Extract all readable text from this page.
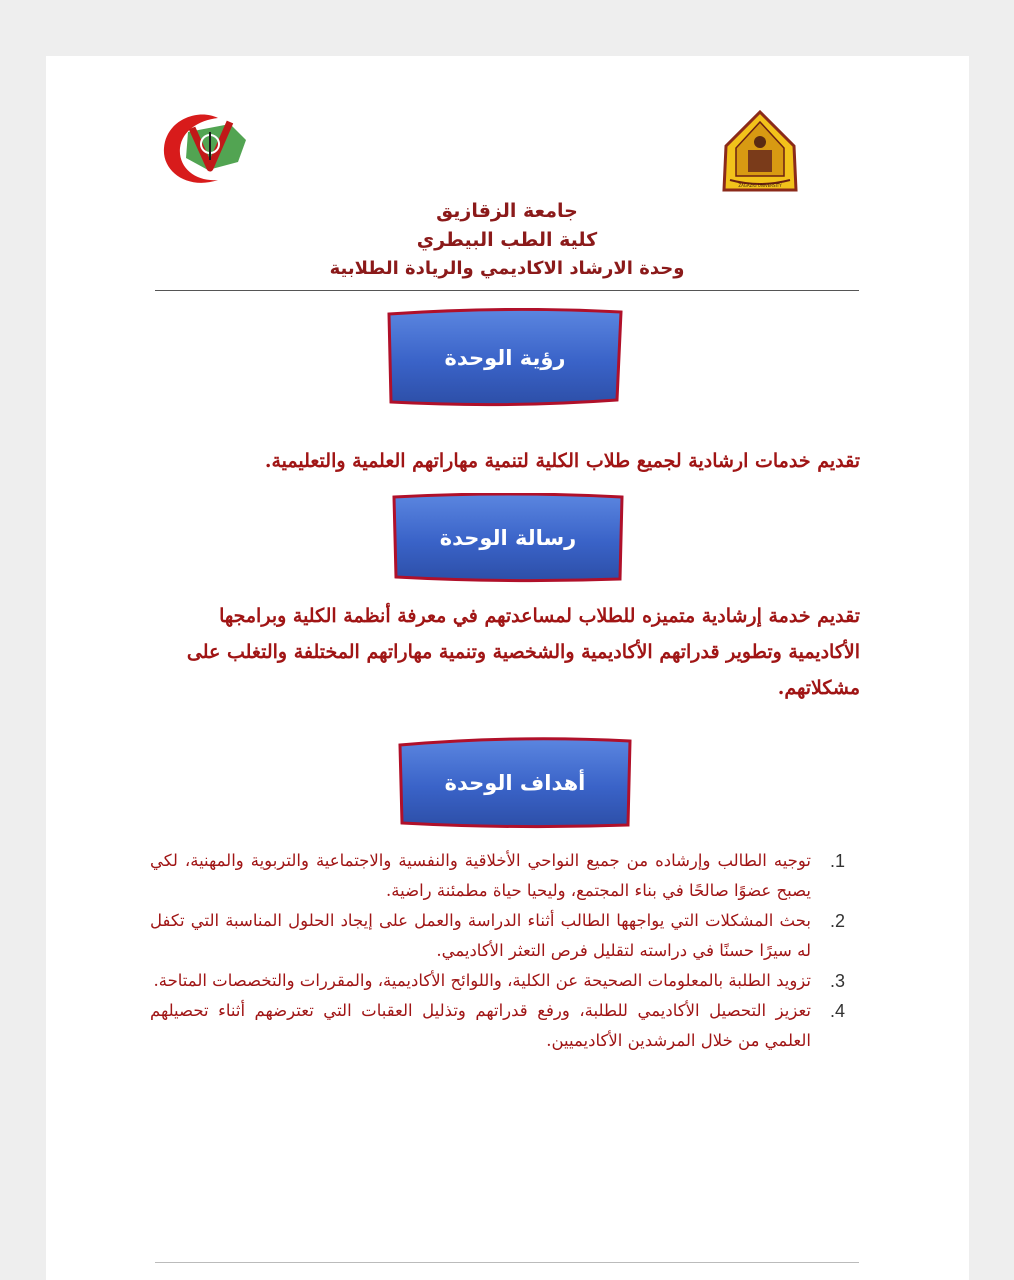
ZAGAZIG UNIVERSITY
جامعة الزقازيق
كلية الطب البيطري
وحدة الارشاد الاكاديمي والريادة الطلابية
رؤية الوحدة
تقديم خدمات ارشادية لجميع طلاب الكلية لتنمية مهاراتهم العلمية والتعليمية.
رسالة الوحدة
تقديم خدمة إرشادية متميزه للطلاب لمساعدتهم في معرفة أنظمة الكلية وبرامجها الأكاديمية وتطوير قدراتهم الأكاديمية والشخصية وتنمية مهاراتهم المختلفة والتغلب على مشكلاتهم.
أهداف الوحدة
1.
توجيه الطالب وإرشاده من جميع النواحي الأخلاقية والنفسية والاجتماعية والتربوية والمهنية، لكي يصبح عضوًا صالحًا في بناء المجتمع، وليحيا حياة مطمئنة راضية.
2.
بحث المشكلات التي يواجهها الطالب أثناء الدراسة والعمل على إيجاد الحلول المناسبة التي تكفل له سيرًا حسنًا في دراسته لتقليل فرص التعثر الأكاديمي.
3.
تزويد الطلبة بالمعلومات الصحيحة عن الكلية، واللوائح الأكاديمية، والمقررات والتخصصات المتاحة.
4.
تعزيز التحصيل الأكاديمي للطلبة، ورفع قدراتهم وتذليل العقبات التي تعترضهم أثناء تحصيلهم العلمي من خلال المرشدين الأكاديميين.
